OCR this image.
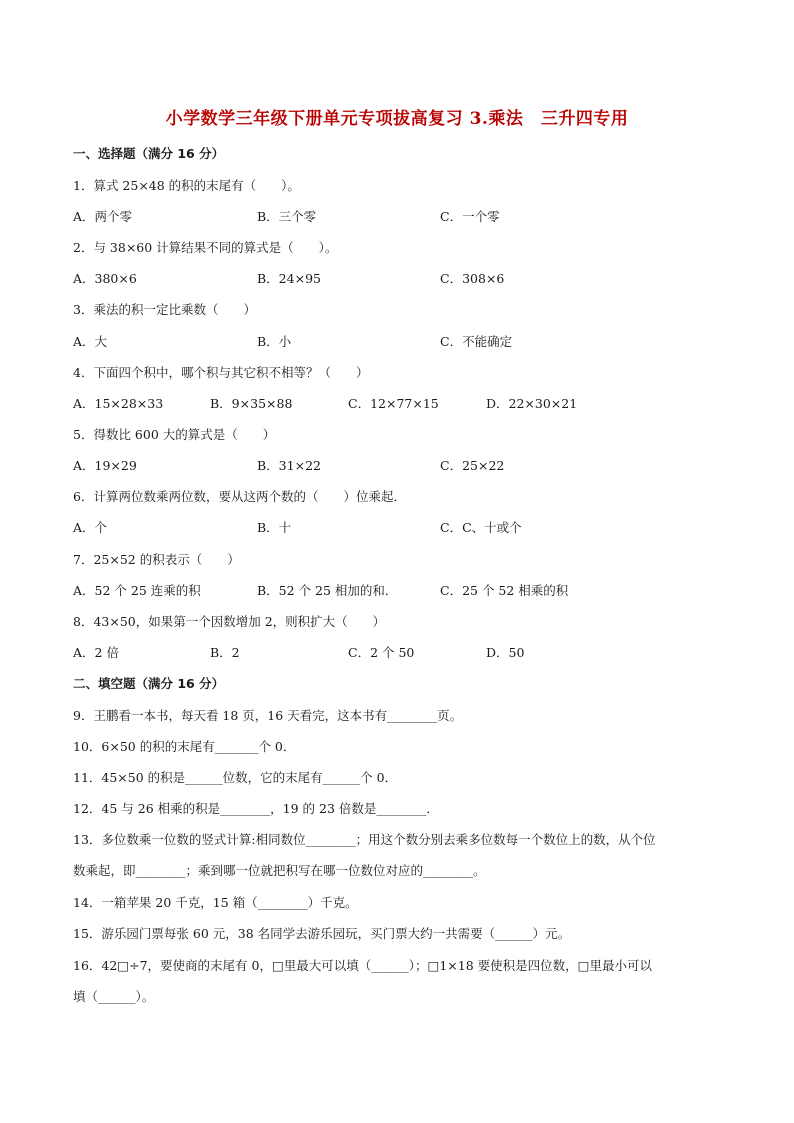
小学数学三年级下册单元专项拔高复习 3.乘法　三升四专用
一、选择题（满分 16 分）
1．算式 25×48 的积的末尾有（　　）。
A．两个零	B．三个零	C．一个零
2．与 38×60 计算结果不同的算式是（　　）。
A．380×6	B．24×95	C．308×6
3．乘法的积一定比乘数（　　）
A．大	B．小	C．不能确定
4．下面四个积中，哪个积与其它积不相等？（　　）
A．15×28×33	B．9×35×88	C．12×77×15	D．22×30×21
5．得数比 600 大的算式是（　　）
A．19×29	B．31×22	C．25×22
6．计算两位数乘两位数，要从这两个数的（　　）位乘起．
A．个	B．十	C．C、十或个
7．25×52 的积表示（　　）
A．52 个 25 连乘的积	B．52 个 25 相加的和．	C．25 个 52 相乘的积
8．43×50，如果第一个因数增加 2，则积扩大（　　）
A．2 倍	B．2	C．2 个 50	D．50
二、填空题（满分 16 分）
9．王鹏看一本书，每天看 18 页，16 天看完，这本书有________页。
10．6×50 的积的末尾有_______个 0．
11．45×50 的积是______位数，它的末尾有______个 0．
12．45 与 26 相乘的积是________，19 的 23 倍数是________．
13．多位数乘一位数的竖式计算:相同数位________；用这个数分别去乘多位数每一个数位上的数，从个位
数乘起，即________；乘到哪一位就把积写在哪一位数位对应的________。
14．一箱苹果 20 千克，15 箱（________）千克。
15．游乐园门票每张 60 元，38 名同学去游乐园玩，买门票大约一共需要（______）元。
16．42□÷7，要使商的末尾有 0，□里最大可以填（______）；□1×18 要使积是四位数，□里最小可以
填（______）。
